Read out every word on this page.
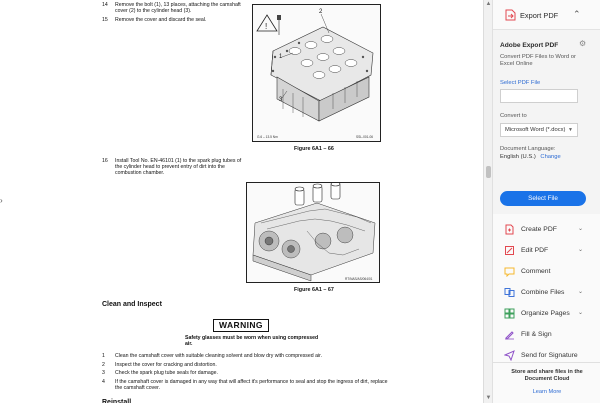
›
14 Remove the bolt (1), 13 places, attaching the camshaft cover (2) to the cylinder head (3).
15 Remove the cover and discard the seal.
!
2
1
3
G.6 – 13.5 Nm	SSL-001-06
Figure 6A1 – 66
16 Install Tool No. EN-46101 (1) to the spark plug tubes of the cylinder head to prevent entry of dirt into the combustion chamber.
RT/NAS/AS/064/01
Figure 6A1 – 67
Clean and Inspect
WARNING
Safety glasses must be worn when using compressed air.
1 Clean the camshaft cover with suitable cleaning solvent and blow dry with compressed air.
2 Inspect the cover for cracking and distortion.
3 Check the spark plug tube seals for damage.
4 If the camshaft cover is damaged in any way that will affect it's performance to seal and stop the ingress of dirt, replace the camshaft cover.
Reinstall
▲
▼
Export PDF ⌃
Adobe Export PDF	⚙
Convert PDF Files to Word or Excel Online
Select PDF File
Convert to
Microsoft Word (*.docx) ▼
Document Language:
English (U.S.) Change
Select File
Create PDF	⌄
Edit PDF	⌄
Comment
Combine Files ⌄
Organize Pages ⌄
Fill & Sign
Send for Signature
Store and share files in the Document Cloud
Learn More
